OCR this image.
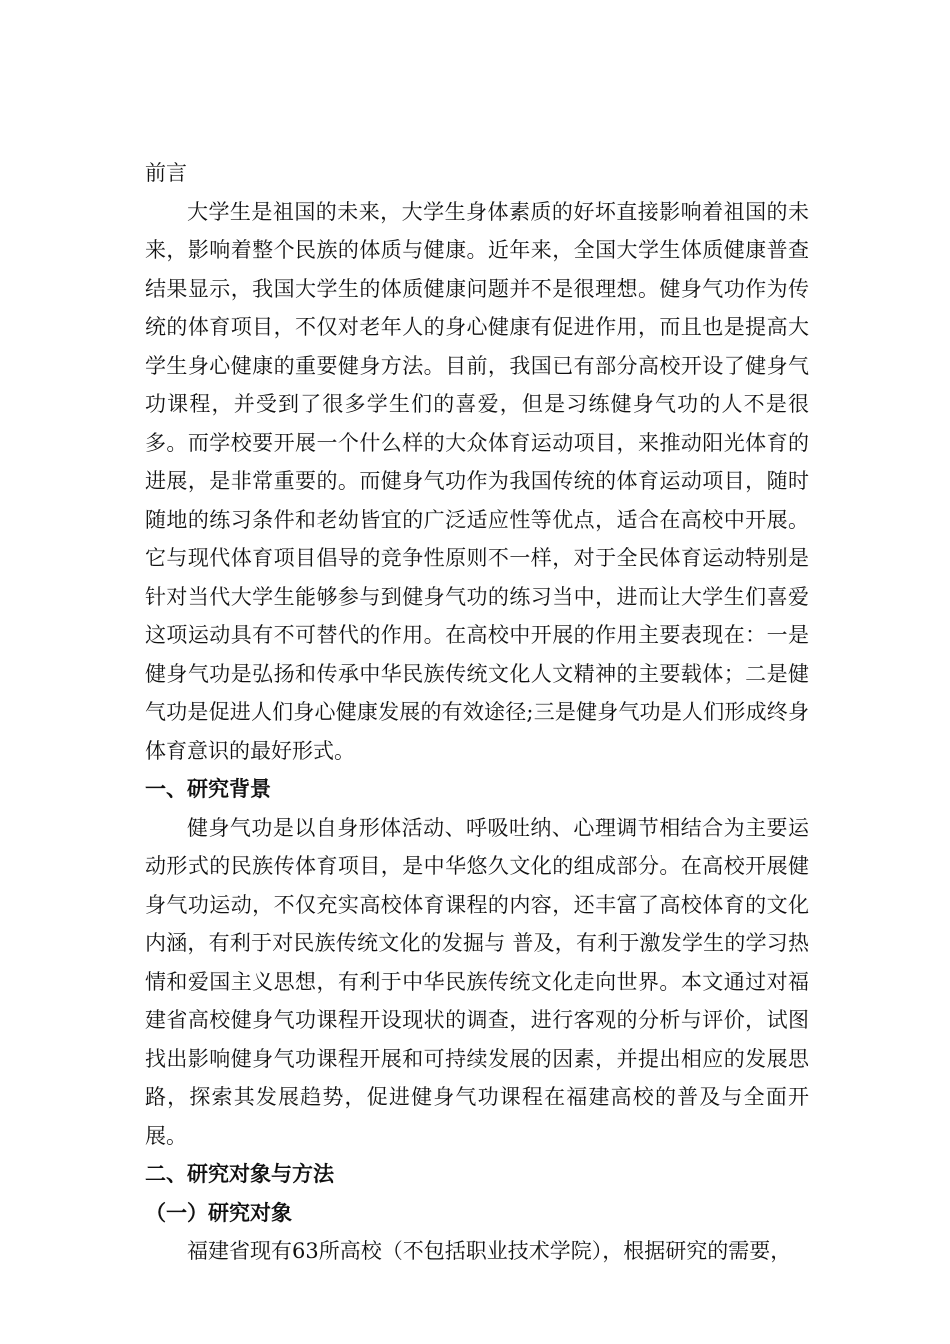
前言

大学生是祖国的未来，大学生身体素质的好坏直接影响着祖国的未来，影响着整个民族的体质与健康。近年来，全国大学生体质健康普查结果显示，我国大学生的体质健康问题并不是很理想。健身气功作为传统的体育项目，不仅对老年人的身心健康有促进作用，而且也是提高大学生身心健康的重要健身方法。目前，我国已有部分高校开设了健身气功课程，并受到了很多学生们的喜爱，但是习练健身气功的人不是很多。而学校要开展一个什么样的大众体育运动项目，来推动阳光体育的进展，是非常重要的。而健身气功作为我国传统的体育运动项目，随时随地的练习条件和老幼皆宜的广泛适应性等优点，适合在高校中开展。它与现代体育项目倡导的竞争性原则不一样，对于全民体育运动特别是针对当代大学生能够参与到健身气功的练习当中，进而让大学生们喜爱这项运动具有不可替代的作用。在高校中开展的作用主要表现在：一是健身气功是弘扬和传承中华民族传统文化人文精神的主要载体；二是健气功是促进人们身心健康发展的有效途径;三是健身气功是人们形成终身体育意识的最好形式。

一、研究背景

健身气功是以自身形体活动、呼吸吐纳、心理调节相结合为主要运动形式的民族传体育项目，是中华悠久文化的组成部分。在高校开展健身气功运动，不仅充实高校体育课程的内容，还丰富了高校体育的文化内涵，有利于对民族传统文化的发掘与 普及，有利于激发学生的学习热情和爱国主义思想，有利于中华民族传统文化走向世界。本文通过对福建省高校健身气功课程开设现状的调查，进行客观的分析与评价，试图找出影响健身气功课程开展和可持续发展的因素，并提出相应的发展思路，探索其发展趋势，促进健身气功课程在福建高校的普及与全面开展。

二、研究对象与方法
（一）研究对象

福建省现有63所高校（不包括职业技术学院），根据研究的需要，
